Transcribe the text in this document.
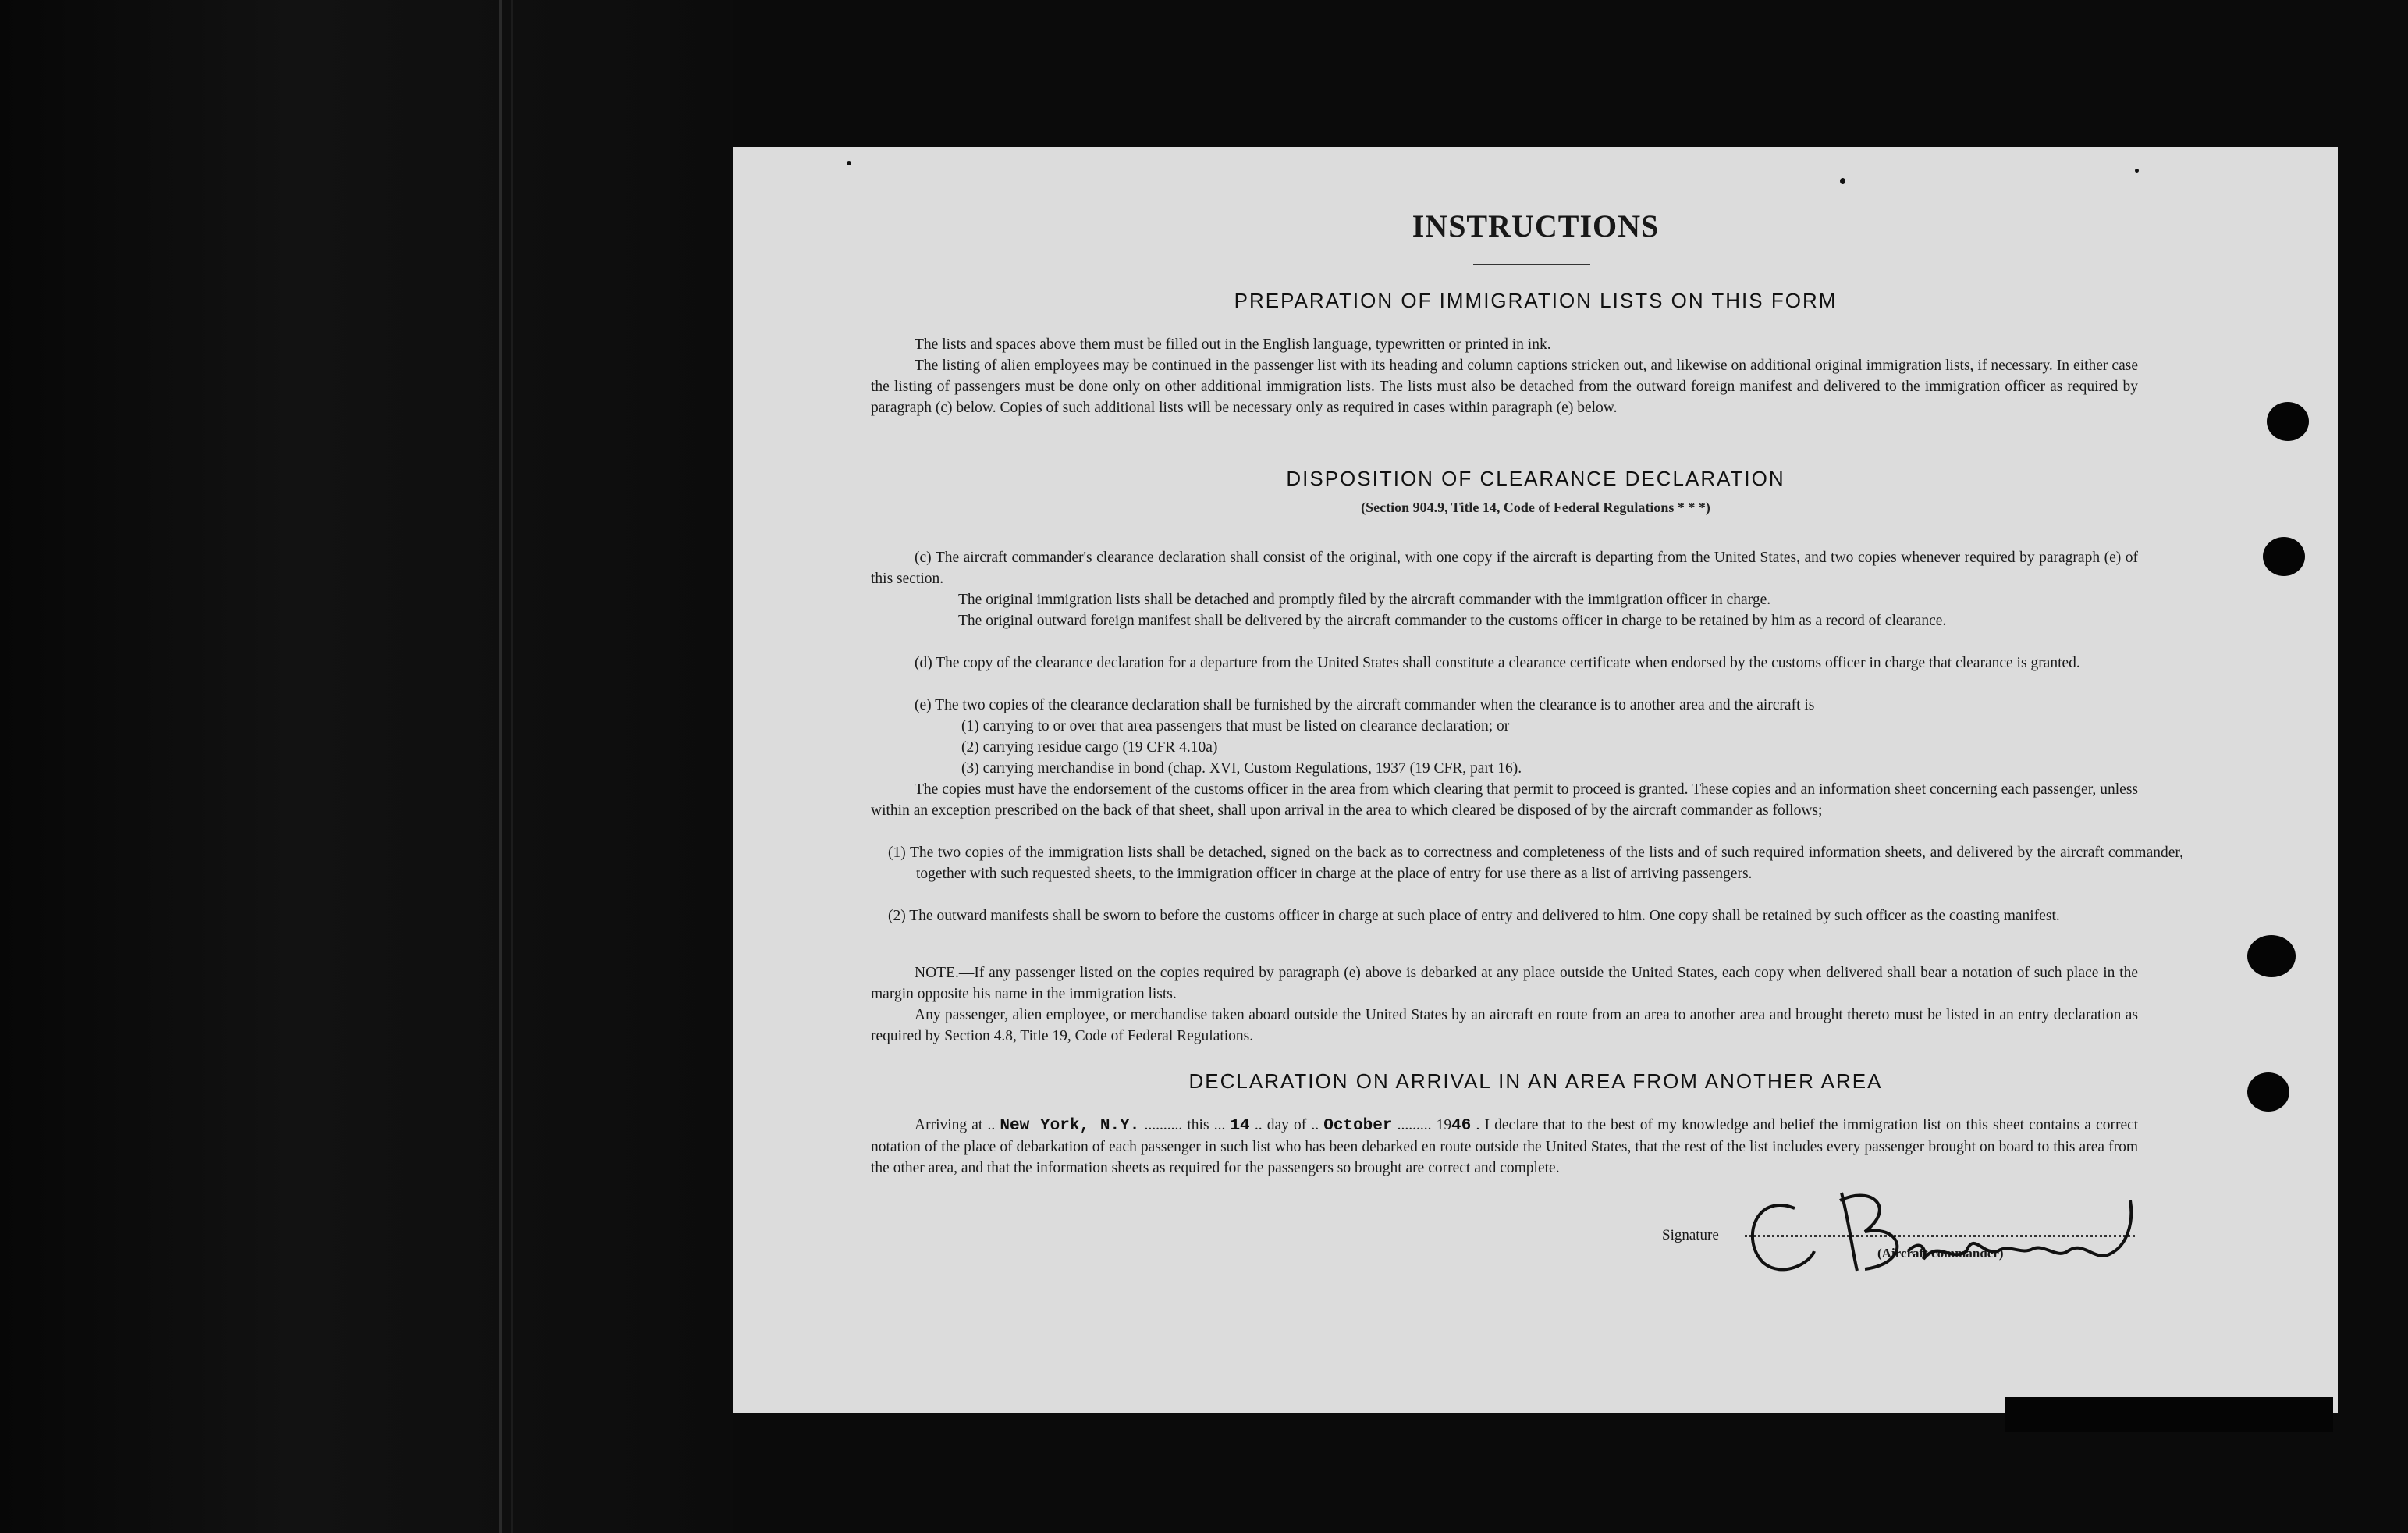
INSTRUCTIONS
PREPARATION OF IMMIGRATION LISTS ON THIS FORM
The lists and spaces above them must be filled out in the English language, typewritten or printed in ink.
The listing of alien employees may be continued in the passenger list with its heading and column captions stricken out, and likewise on additional original immigration lists, if necessary. In either case the listing of passengers must be done only on other additional immigration lists. The lists must also be detached from the outward foreign manifest and delivered to the immigration officer as required by paragraph (c) below. Copies of such additional lists will be necessary only as required in cases within paragraph (e) below.
DISPOSITION OF CLEARANCE DECLARATION
(Section 904.9, Title 14, Code of Federal Regulations * * *)
(c) The aircraft commander's clearance declaration shall consist of the original, with one copy if the aircraft is departing from the United States, and two copies whenever required by paragraph (e) of this section.
The original immigration lists shall be detached and promptly filed by the aircraft commander with the immigration officer in charge.
The original outward foreign manifest shall be delivered by the aircraft commander to the customs officer in charge to be retained by him as a record of clearance.
(d) The copy of the clearance declaration for a departure from the United States shall constitute a clearance certificate when endorsed by the customs officer in charge that clearance is granted.
(e) The two copies of the clearance declaration shall be furnished by the aircraft commander when the clearance is to another area and the aircraft is—
(1) carrying to or over that area passengers that must be listed on clearance declaration; or
(2) carrying residue cargo (19 CFR 4.10a)
(3) carrying merchandise in bond (chap. XVI, Custom Regulations, 1937 (19 CFR, part 16).
The copies must have the endorsement of the customs officer in the area from which clearing that permit to proceed is granted. These copies and an information sheet concerning each passenger, unless within an exception prescribed on the back of that sheet, shall upon arrival in the area to which cleared be disposed of by the aircraft commander as follows;
(1) The two copies of the immigration lists shall be detached, signed on the back as to correctness and completeness of the lists and of such required information sheets, and delivered by the aircraft commander, together with such requested sheets, to the immigration officer in charge at the place of entry for use there as a list of arriving passengers.
(2) The outward manifests shall be sworn to before the customs officer in charge at such place of entry and delivered to him. One copy shall be retained by such officer as the coasting manifest.
NOTE.—If any passenger listed on the copies required by paragraph (e) above is debarked at any place outside the United States, each copy when delivered shall bear a notation of such place in the margin opposite his name in the immigration lists.
Any passenger, alien employee, or merchandise taken aboard outside the United States by an aircraft en route from an area to another area and brought thereto must be listed in an entry declaration as required by Section 4.8, Title 19, Code of Federal Regulations.
DECLARATION ON ARRIVAL IN AN AREA FROM ANOTHER AREA
Arriving at .. New York, N.Y. .......... this ... 14 .. day of .. October ......... 1946 . I declare that to the best of my knowledge and belief the immigration list on this sheet contains a correct notation of the place of debarkation of each passenger in such list who has been debarked en route outside the United States, that the rest of the list includes every passenger brought on board to this area from the other area, and that the information sheets as required for the passengers so brought are correct and complete.
Signature
(Aircraft commander)
C Brakesman
